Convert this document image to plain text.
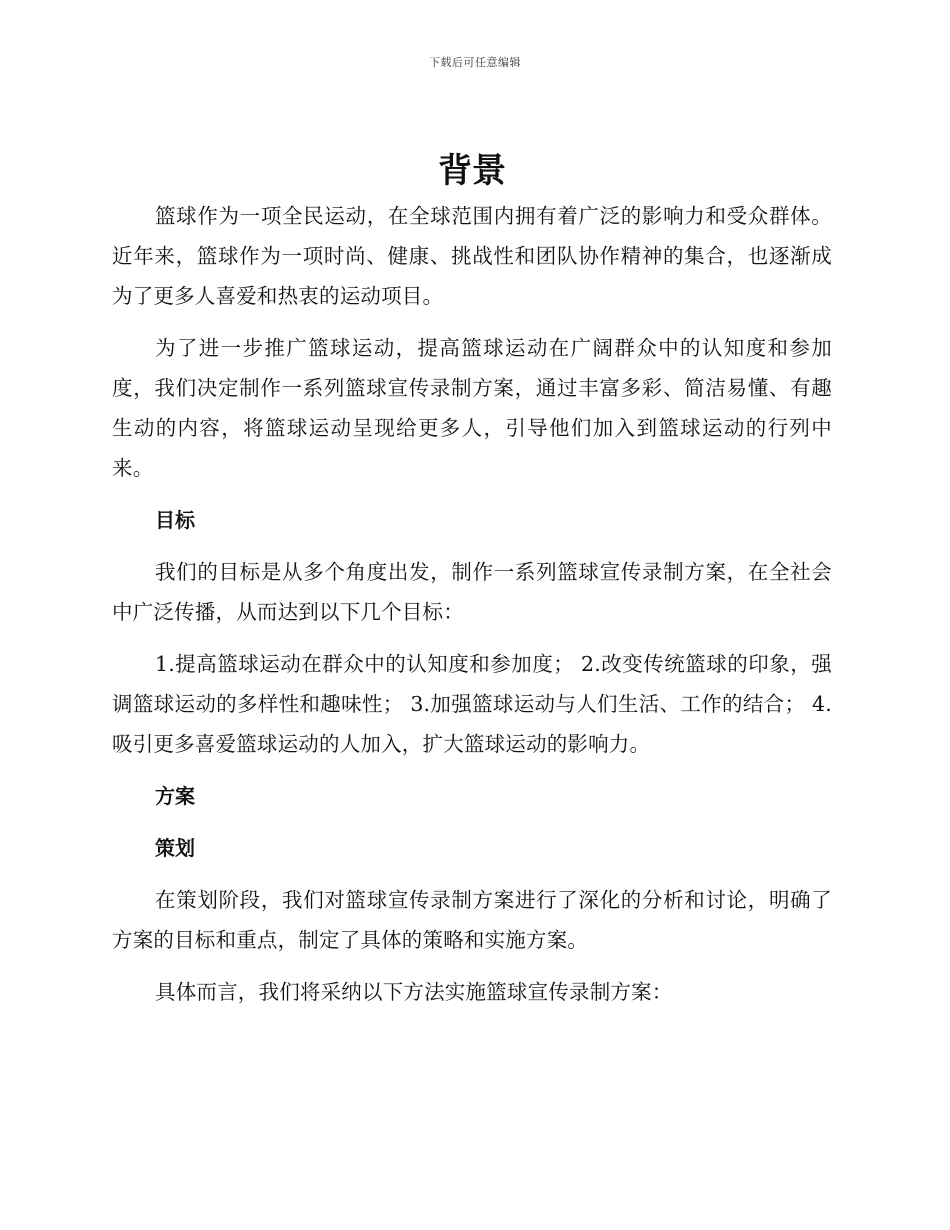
下载后可任意编辑
背景

篮球作为一项全民运动，在全球范围内拥有着广泛的影响力和受众群体。近年来，篮球作为一项时尚、健康、挑战性和团队协作精神的集合，也逐渐成为了更多人喜爱和热衷的运动项目。

为了进一步推广篮球运动，提高篮球运动在广阔群众中的认知度和参加度，我们决定制作一系列篮球宣传录制方案，通过丰富多彩、简洁易懂、有趣生动的内容，将篮球运动呈现给更多人，引导他们加入到篮球运动的行列中来。

目标

我们的目标是从多个角度出发，制作一系列篮球宣传录制方案，在全社会中广泛传播，从而达到以下几个目标：

1.提高篮球运动在群众中的认知度和参加度； 2.改变传统篮球的印象，强调篮球运动的多样性和趣味性； 3.加强篮球运动与人们生活、工作的结合； 4.吸引更多喜爱篮球运动的人加入，扩大篮球运动的影响力。

方案
策划

在策划阶段，我们对篮球宣传录制方案进行了深化的分析和讨论，明确了方案的目标和重点，制定了具体的策略和实施方案。

具体而言，我们将采纳以下方法实施篮球宣传录制方案：
